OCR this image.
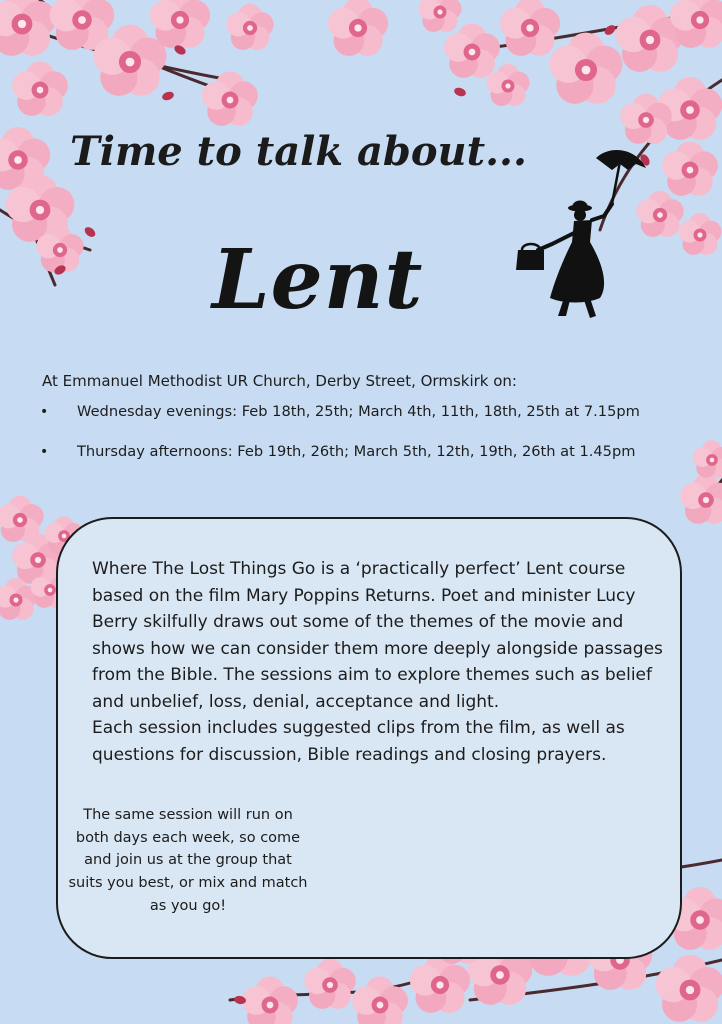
Time to talk about...
Lent
At Emmanuel Methodist UR Church, Derby Street, Ormskirk on:
• Wednesday evenings: Feb 18th, 25th; March 4th, 11th, 18th, 25th at 7.15pm
• Thursday afternoons: Feb 19th, 26th; March 5th, 12th, 19th, 26th at 1.45pm

Where The Lost Things Go is a ‘practically perfect’ Lent course based on the film Mary Poppins Returns. Poet and minister Lucy Berry skilfully draws out some of the themes of the movie and shows how we can consider them more deeply alongside passages from the Bible. The sessions aim to explore themes such as belief and unbelief, loss, denial, acceptance and light.

Each session includes suggested clips from the film, as well as questions for discussion, Bible readings and closing prayers.

The same session will run on both days each week, so come and join us at the group that suits you best, or mix and match as you go!
